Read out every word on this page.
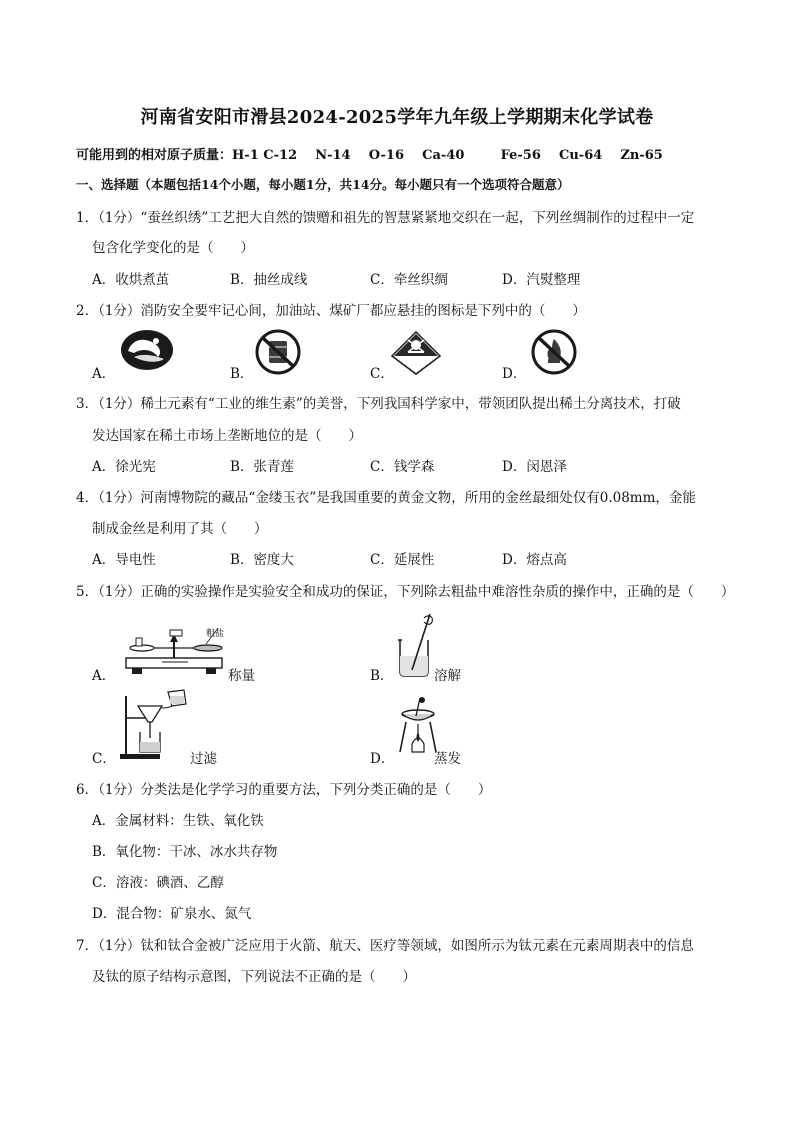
河南省安阳市滑县2024-2025学年九年级上学期期末化学试卷
可能用到的相对原子质量：H-1 C-12 N-14 O-16 Ca-40	Fe-56 Cu-64 Zn-65
一、选择题（本题包括14个小题，每小题1分，共14分。每小题只有一个选项符合题意）
1．（1分）“蚕丝织绣”工艺把大自然的馈赠和祖先的智慧紧紧地交织在一起，下列丝绸制作的过程中一定
包含化学变化的是（　　）
A．收烘煮茧	B．抽丝成线	C．牵丝织绸	D．汽熨整理
2．（1分）消防安全要牢记心间，加油站、煤矿厂都应悬挂的图标是下列中的（　　）
A．	B．	C．	D．
3．（1分）稀土元素有“工业的维生素”的美誉，下列我国科学家中，带领团队提出稀土分离技术，打破
发达国家在稀土市场上垄断地位的是（　　）
A．徐光宪	B．张青莲	C．钱学森	D．闵恩泽
4．（1分）河南博物院的藏品“金缕玉衣”是我国重要的黄金文物，所用的金丝最细处仅有0.08mm，金能
制成金丝是利用了其（　　）
A．导电性	B．密度大	C．延展性	D．熔点高
5．（1分）正确的实验操作是实验安全和成功的保证，下列除去粗盐中难溶性杂质的操作中，正确的是（　　）
A．	称量	B．	溶解
C．	过滤	D．	蒸发
粗盐
6．（1分）分类法是化学学习的重要方法，下列分类正确的是（　　）
A．金属材料：生铁、氧化铁
B．氧化物：干冰、冰水共存物
C．溶液：碘酒、乙醇
D．混合物：矿泉水、氮气
7．（1分）钛和钛合金被广泛应用于火箭、航天、医疗等领域，如图所示为钛元素在元素周期表中的信息
及钛的原子结构示意图，下列说法不正确的是（　　）
